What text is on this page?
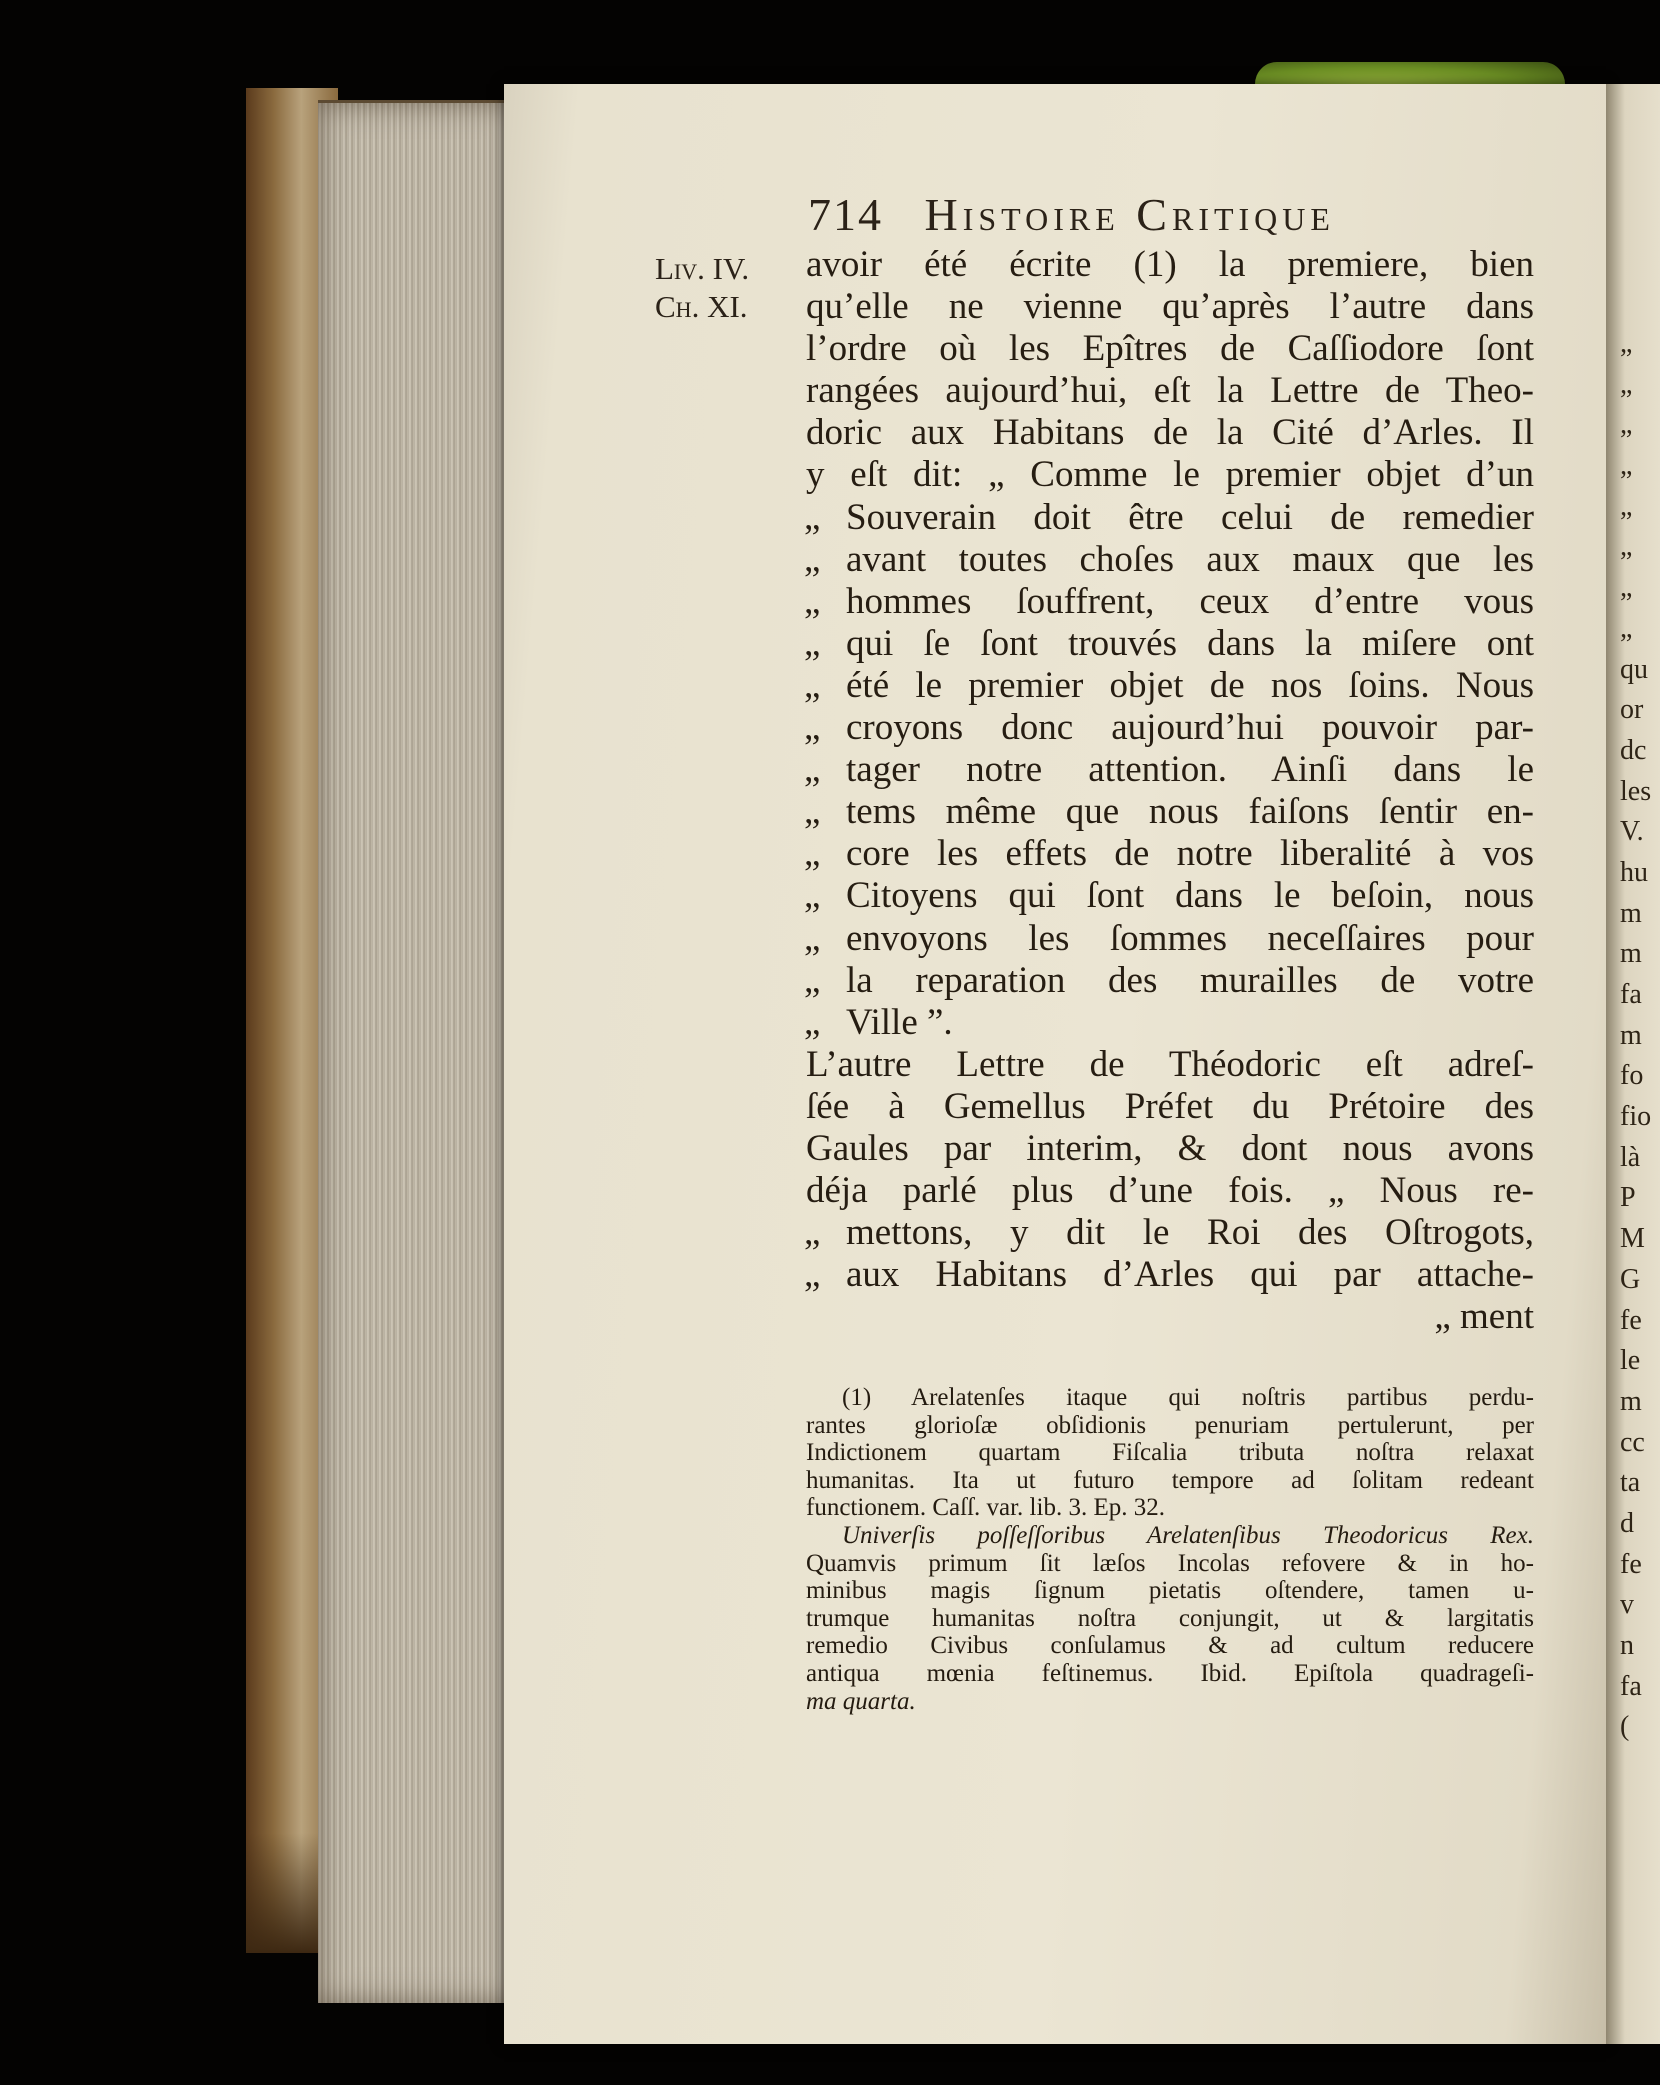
„
„
„
„
„
„
„
„
qu
or
dc
les
V.
hu
m
m
fa
m
fo
fio
là
P
M
G
fe
le
m
cc
ta
d
fe
v
n
fa
(
714 Histoire Critique
Liv. IV.
Ch. XI.
avoir été écrite (1) la premiere, bien
qu’elle ne vienne qu’après l’autre dans
l’ordre où les Epîtres de Caſſiodore ſont
rangées aujourd’hui, eſt la Lettre de Theo-
doric aux Habitans de la Cité d’Arles. Il
y eſt dit: „ Comme le premier objet d’un
„ Souverain doit être celui de remedier
„ avant toutes choſes aux maux que les
„ hommes ſouffrent, ceux d’entre vous
„ qui ſe ſont trouvés dans la miſere ont
„ été le premier objet de nos ſoins. Nous
„ croyons donc aujourd’hui pouvoir par-
„ tager notre attention. Ainſi dans le
„ tems même que nous faiſons ſentir en-
„ core les effets de notre liberalité à vos
„ Citoyens qui ſont dans le beſoin, nous
„ envoyons les ſommes neceſſaires pour
„ la reparation des murailles de votre
„ Ville ”.
L’autre Lettre de Théodoric eſt adreſ-
ſée à Gemellus Préfet du Prétoire des
Gaules par interim, & dont nous avons
déja parlé plus d’une fois. „ Nous re-
„ mettons, y dit le Roi des Oſtrogots,
„ aux Habitans d’Arles qui par attache-
„ ment
(1) Arelatenſes itaque qui noſtris partibus perdu-
rantes glorioſæ obſidionis penuriam pertulerunt, per
Indictionem quartam Fiſcalia tributa noſtra relaxat
humanitas. Ita ut futuro tempore ad ſolitam redeant
functionem. Caſſ. var. lib. 3. Ep. 32.
Univerſis poſſeſſoribus Arelatenſibus Theodoricus Rex.
Quamvis primum ſit læſos Incolas refovere & in ho-
minibus magis ſignum pietatis oſtendere, tamen u-
trumque humanitas noſtra conjungit, ut & largitatis
remedio Civibus conſulamus & ad cultum reducere
antiqua mœnia feſtinemus. Ibid. Epiſtola quadrageſi-
ma quarta.
